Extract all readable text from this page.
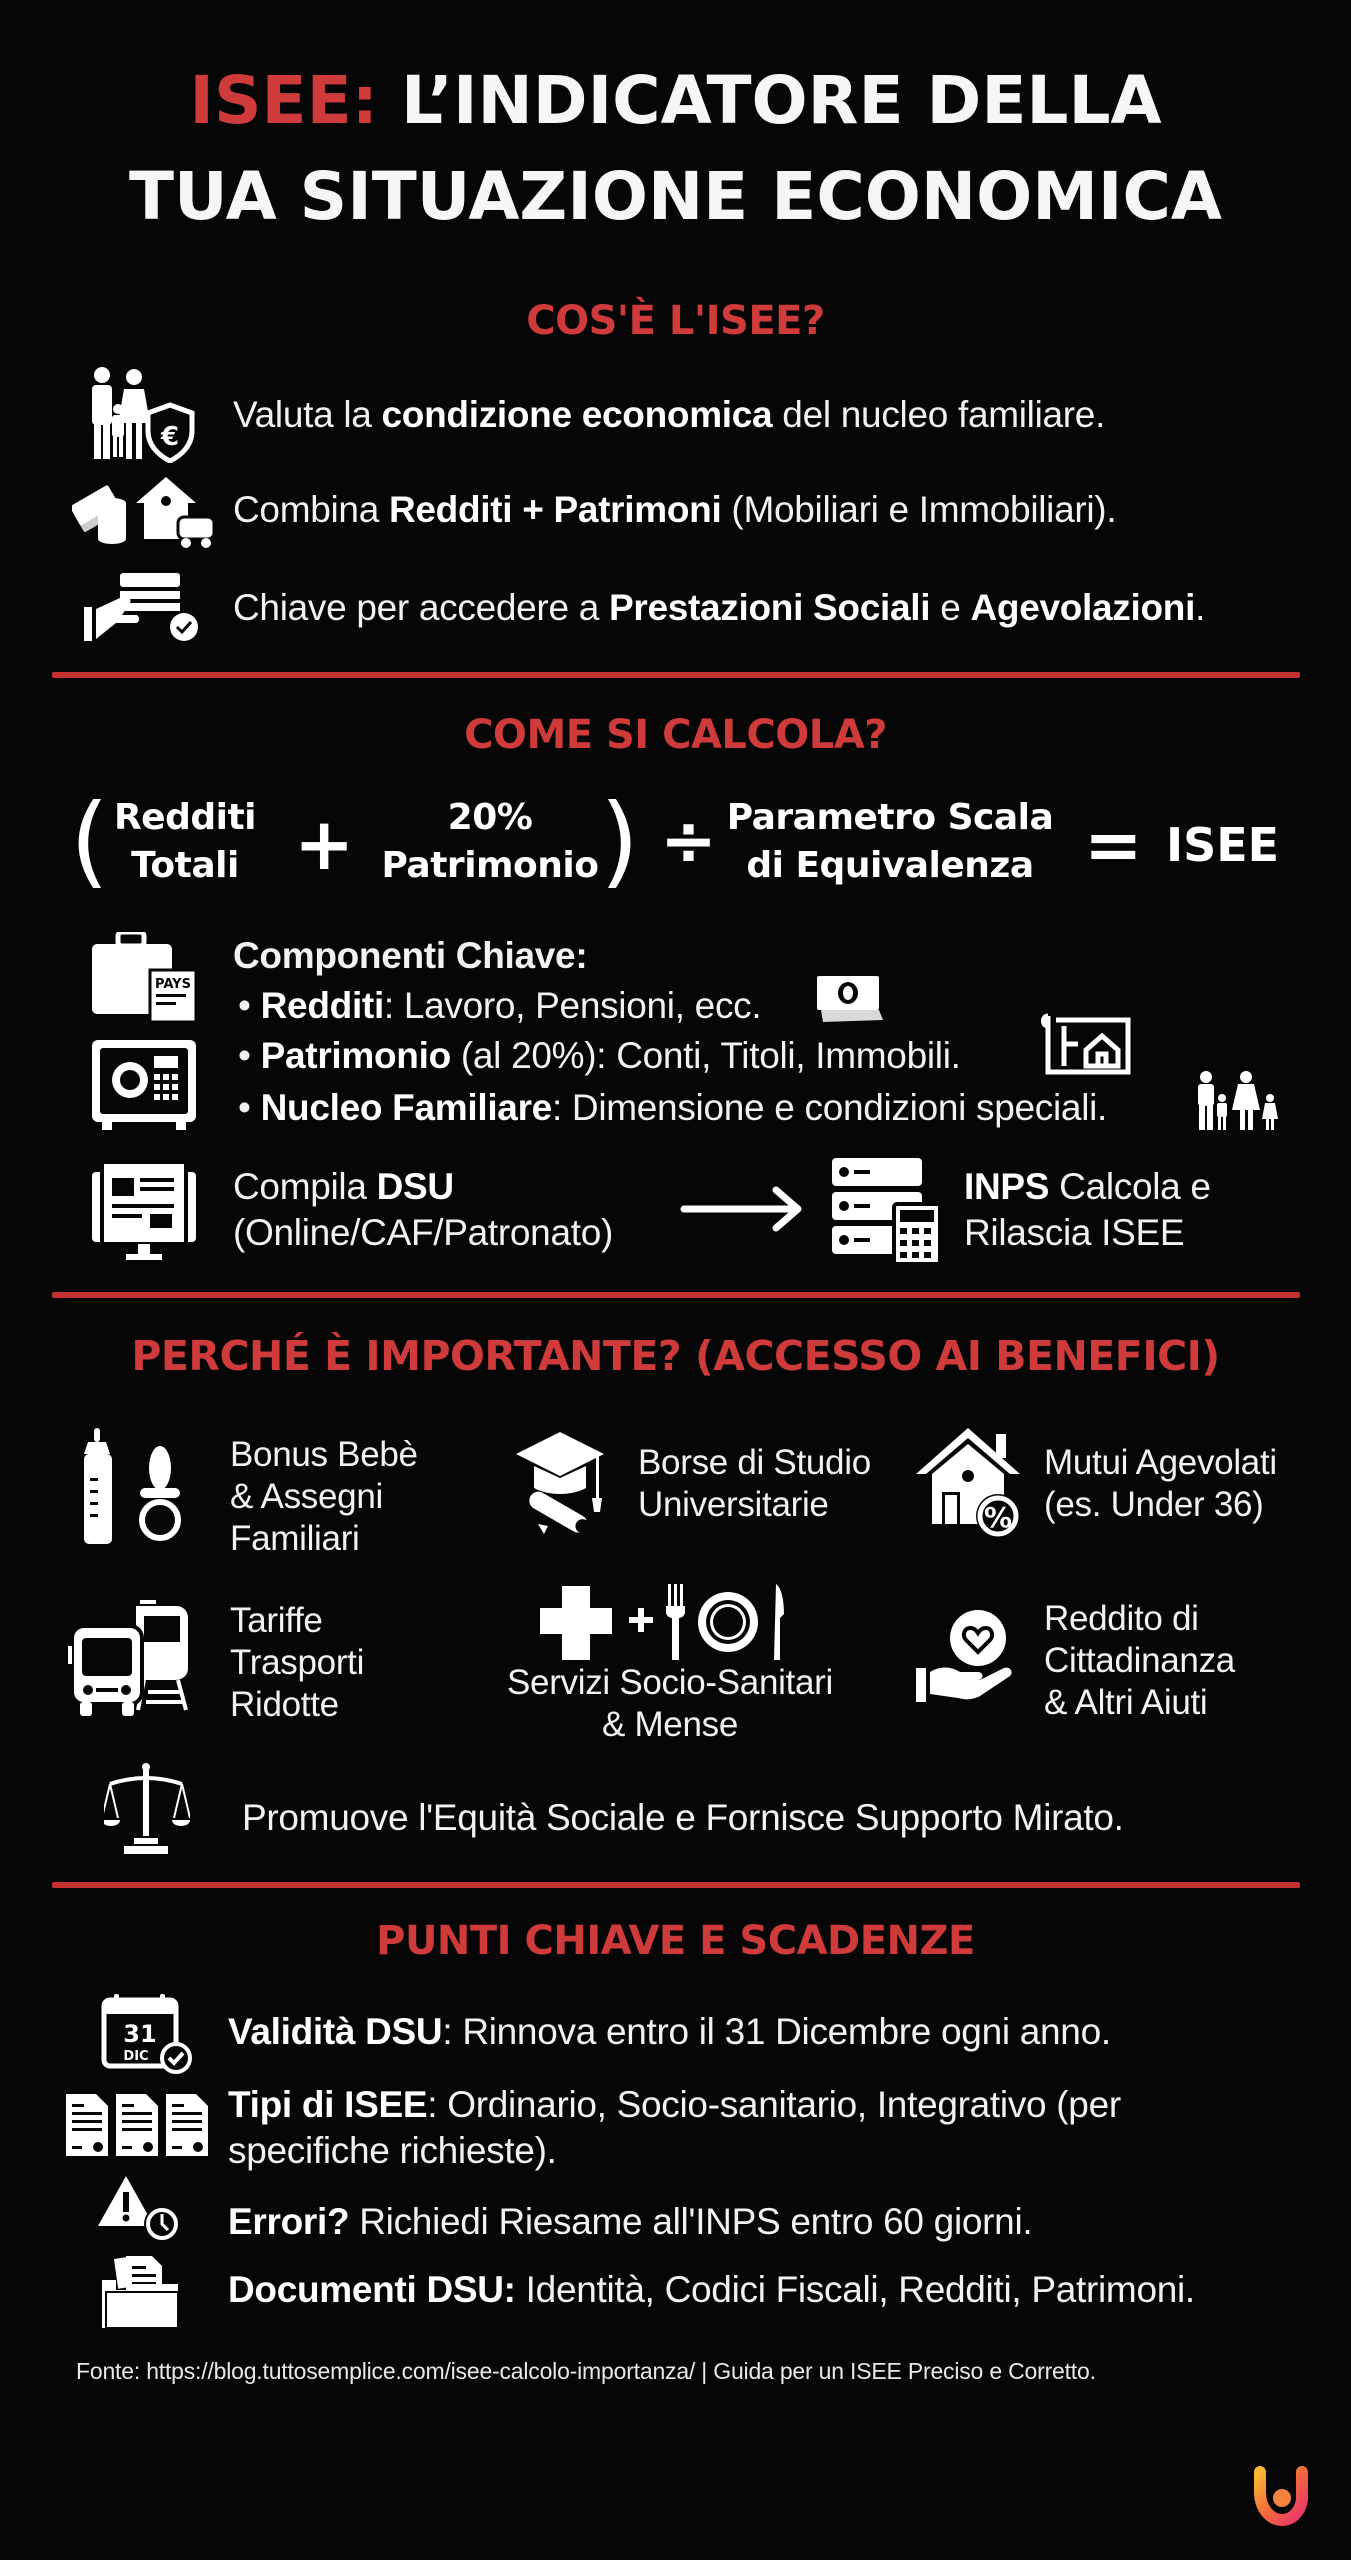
ISEE: L’INDICATORE DELLA
TUA SITUAZIONE ECONOMICA
COS'È L'ISEE?
€
Valuta la condizione economica del nucleo familiare.
Combina Redditi + Patrimoni (Mobiliari e Immobiliari).
Chiave per accedere a Prestazioni Sociali e Agevolazioni.
COME SI CALCOLA?
( Redditi
Totali +	20%
Patrimonio ) ÷ Parametro Scala
di Equivalenza = ISEE
PAYS
Componenti Chiave:
• Redditi: Lavoro, Pensioni, ecc.
• Patrimonio (al 20%): Conti, Titoli, Immobili.
• Nucleo Familiare: Dimensione e condizioni speciali.
Compila DSU
(Online/CAF/Patronato)
INPS Calcola e
Rilascia ISEE
PERCHÉ È IMPORTANTE? (ACCESSO AI BENEFICI)
Bonus Bebè
& Assegni
Familiari
Borse di Studio
Universitarie	%
Mutui Agevolati
(es. Under 36)
Tariffe
Trasporti
Ridotte
Servizi Socio-Sanitari
& Mense
Reddito di
Cittadinanza
& Altri Aiuti
Promuove l'Equità Sociale e Fornisce Supporto Mirato.
PUNTI CHIAVE E SCADENZE
31
DIC
Validità DSU: Rinnova entro il 31 Dicembre ogni anno.
Tipi di ISEE: Ordinario, Socio-sanitario, Integrativo (per
specifiche richieste).
Errori? Richiedi Riesame all'INPS entro 60 giorni.
Documenti DSU: Identità, Codici Fiscali, Redditi, Patrimoni.
Fonte: https://blog.tuttosemplice.com/isee-calcolo-importanza/ | Guida per un ISEE Preciso e Corretto.
